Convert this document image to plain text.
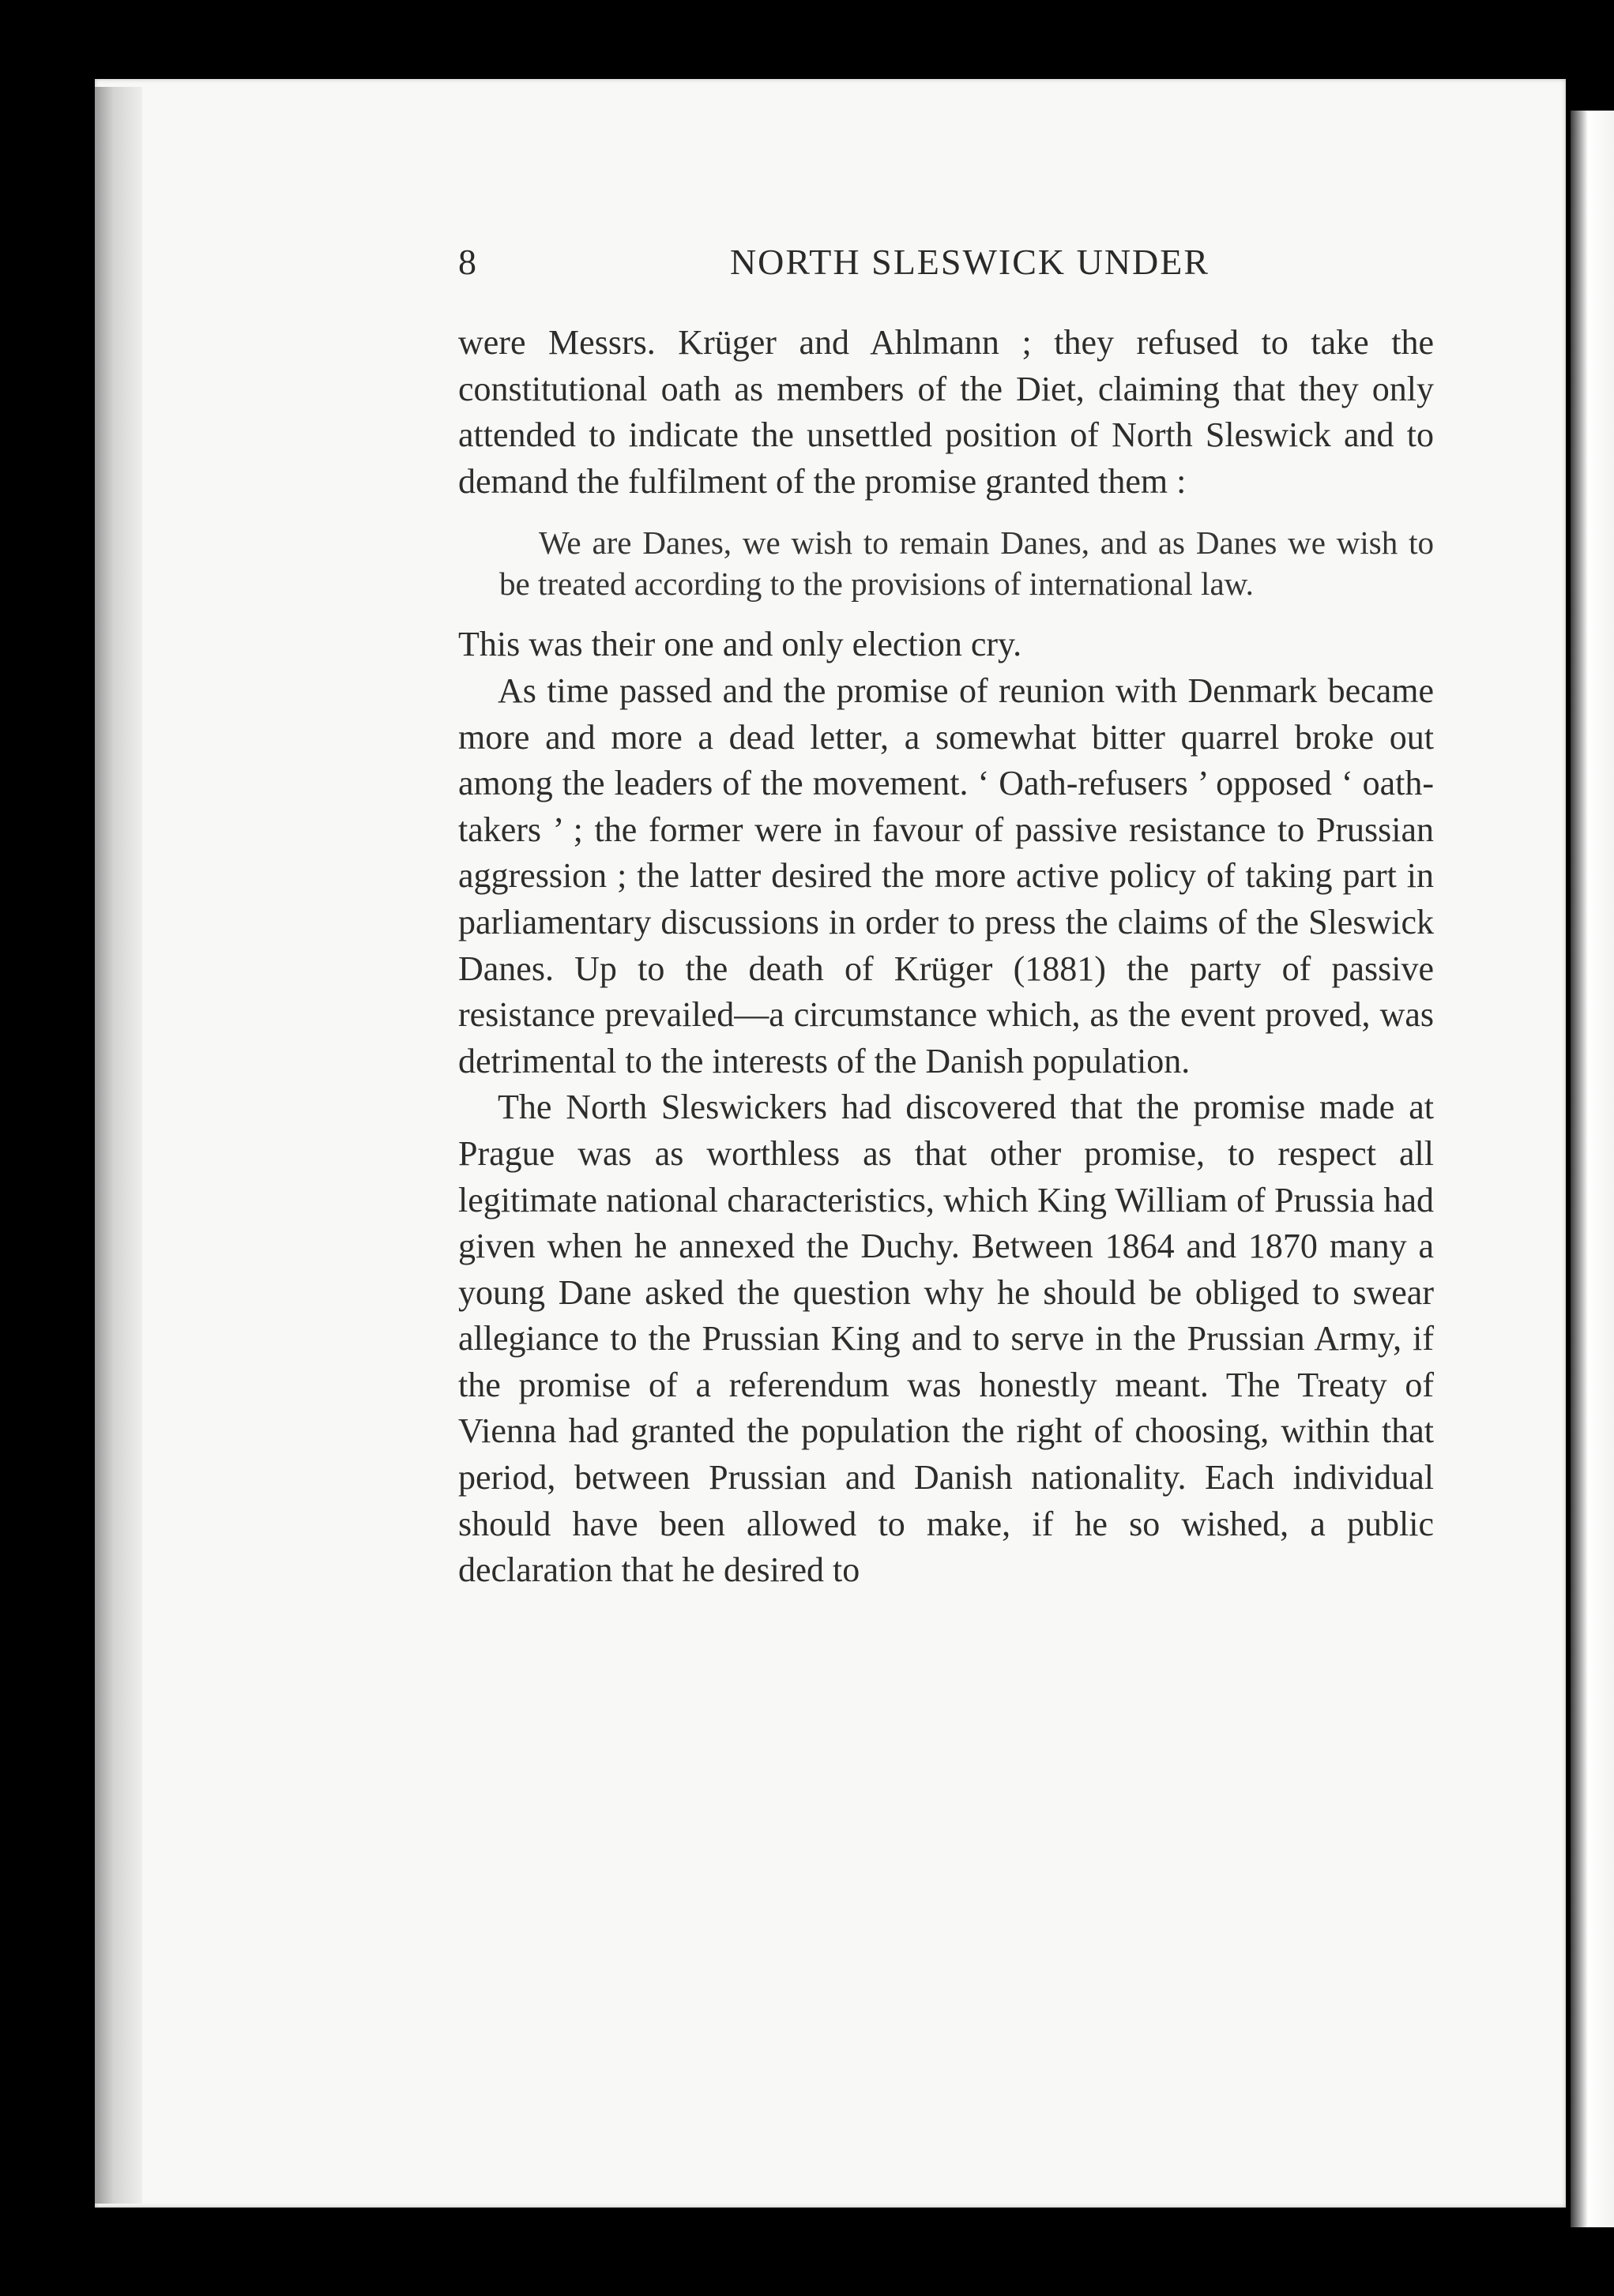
8	NORTH SLESWICK UNDER

were Messrs. Krüger and Ahlmann ; they refused to take the constitutional oath as members of the Diet, claiming that they only attended to indicate the unsettled position of North Sleswick and to demand the fulfilment of the promise granted them :

We are Danes, we wish to remain Danes, and as Danes we wish to be treated according to the provisions of international law.

This was their one and only election cry.

As time passed and the promise of reunion with Denmark became more and more a dead letter, a somewhat bitter quarrel broke out among the leaders of the movement. ‘ Oath-refusers ’ opposed ‘ oath-takers ’ ; the former were in favour of passive resistance to Prussian aggression ; the latter desired the more active policy of taking part in parliamentary discussions in order to press the claims of the Sleswick Danes. Up to the death of Krüger (1881) the party of passive resistance prevailed—a circumstance which, as the event proved, was detrimental to the interests of the Danish population.

The North Sleswickers had discovered that the promise made at Prague was as worthless as that other promise, to respect all legitimate national characteristics, which King William of Prussia had given when he annexed the Duchy. Between 1864 and 1870 many a young Dane asked the question why he should be obliged to swear allegiance to the Prussian King and to serve in the Prussian Army, if the promise of a referendum was honestly meant. The Treaty of Vienna had granted the population the right of choosing, within that period, between Prussian and Danish nationality. Each individual should have been allowed to make, if he so wished, a public declaration that he desired to
